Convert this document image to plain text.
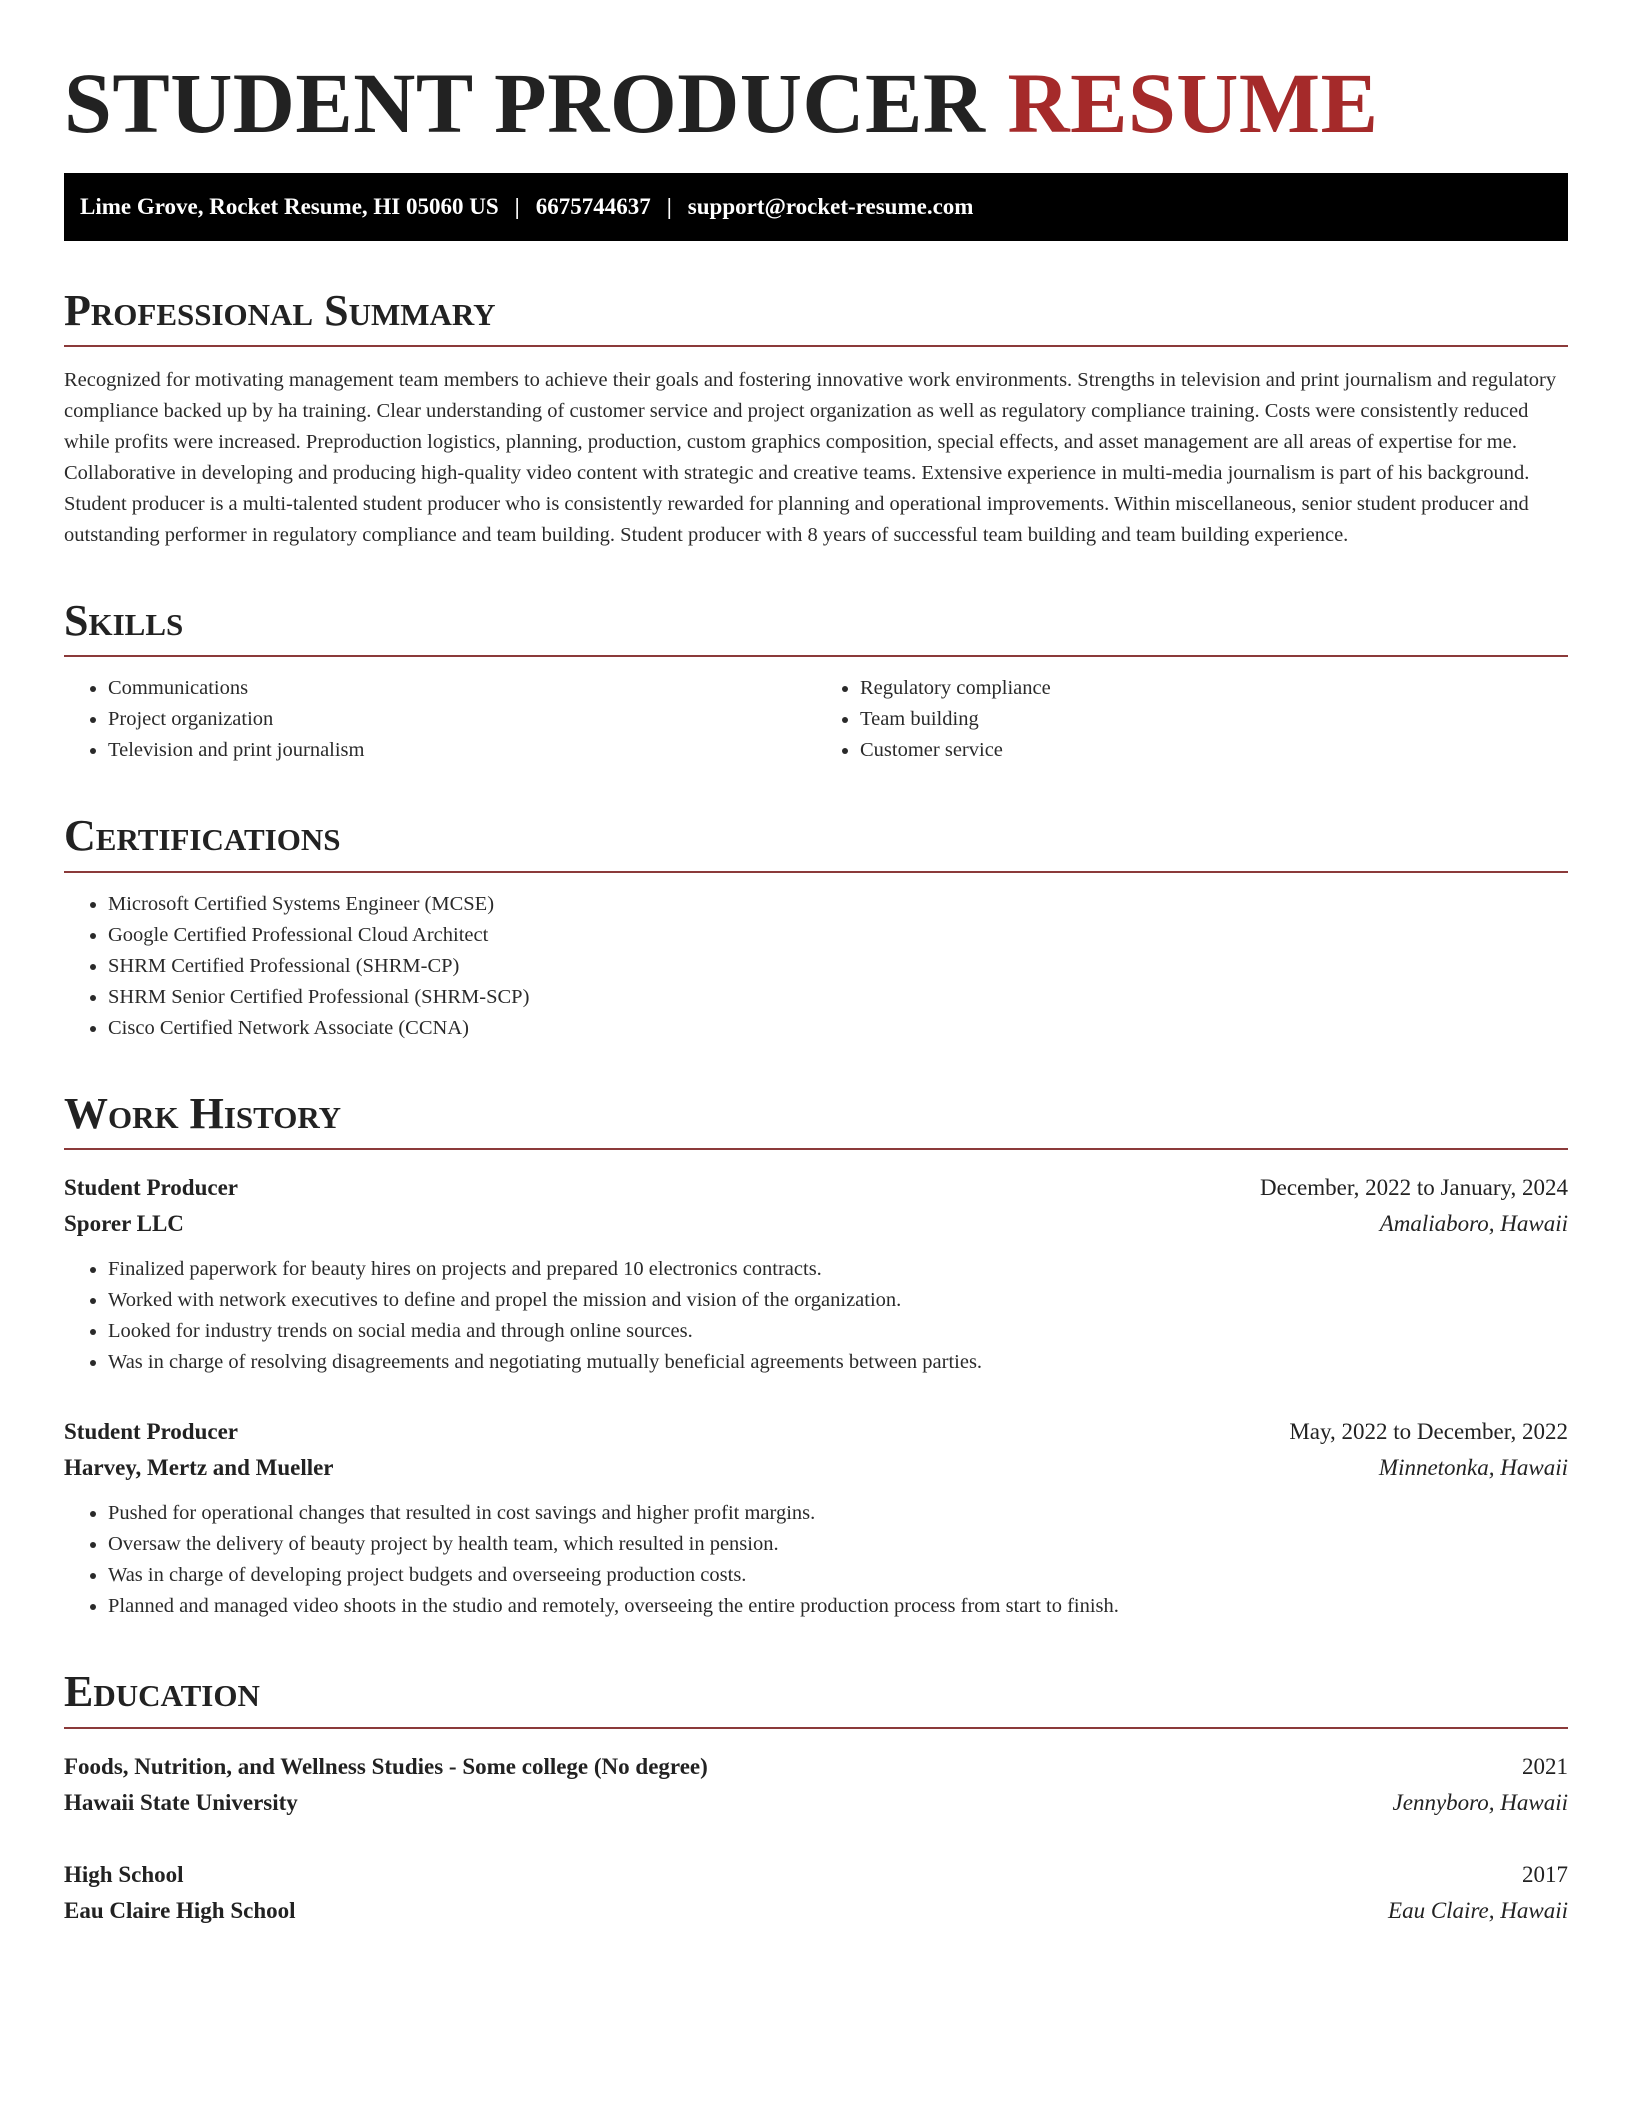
STUDENT PRODUCER RESUME
Lime Grove, Rocket Resume, HI 05060 US | 6675744637 | support@rocket-resume.com
Professional Summary

Recognized for motivating management team members to achieve their goals and fostering innovative work environments. Strengths in television and print journalism and regulatory compliance backed up by ha training. Clear understanding of customer service and project organization as well as regulatory compliance training. Costs were consistently reduced while profits were increased. Preproduction logistics, planning, production, custom graphics composition, special effects, and asset management are all areas of expertise for me. Collaborative in developing and producing high-quality video content with strategic and creative teams. Extensive experience in multi-media journalism is part of his background. Student producer is a multi-talented student producer who is consistently rewarded for planning and operational improvements. Within miscellaneous, senior student producer and outstanding performer in regulatory compliance and team building. Student producer with 8 years of successful team building and team building experience.

Skills
• Communications
• Project organization
• Television and print journalism
• Regulatory compliance
• Team building
• Customer service
Certifications
• Microsoft Certified Systems Engineer (MCSE)
• Google Certified Professional Cloud Architect
• SHRM Certified Professional (SHRM-CP)
• SHRM Senior Certified Professional (SHRM-SCP)
• Cisco Certified Network Associate (CCNA)
Work History
Student Producer	December, 2022 to January, 2024
Sporer LLC	Amaliaboro, Hawaii
• Finalized paperwork for beauty hires on projects and prepared 10 electronics contracts.
• Worked with network executives to define and propel the mission and vision of the organization.
• Looked for industry trends on social media and through online sources.
• Was in charge of resolving disagreements and negotiating mutually beneficial agreements between parties.
Student Producer	May, 2022 to December, 2022
Harvey, Mertz and Mueller	Minnetonka, Hawaii
• Pushed for operational changes that resulted in cost savings and higher profit margins.
• Oversaw the delivery of beauty project by health team, which resulted in pension.
• Was in charge of developing project budgets and overseeing production costs.
• Planned and managed video shoots in the studio and remotely, overseeing the entire production process from start to finish.
Education
Foods, Nutrition, and Wellness Studies - Some college (No degree)	2021
Hawaii State University	Jennyboro, Hawaii
High School	2017
Eau Claire High School	Eau Claire, Hawaii
